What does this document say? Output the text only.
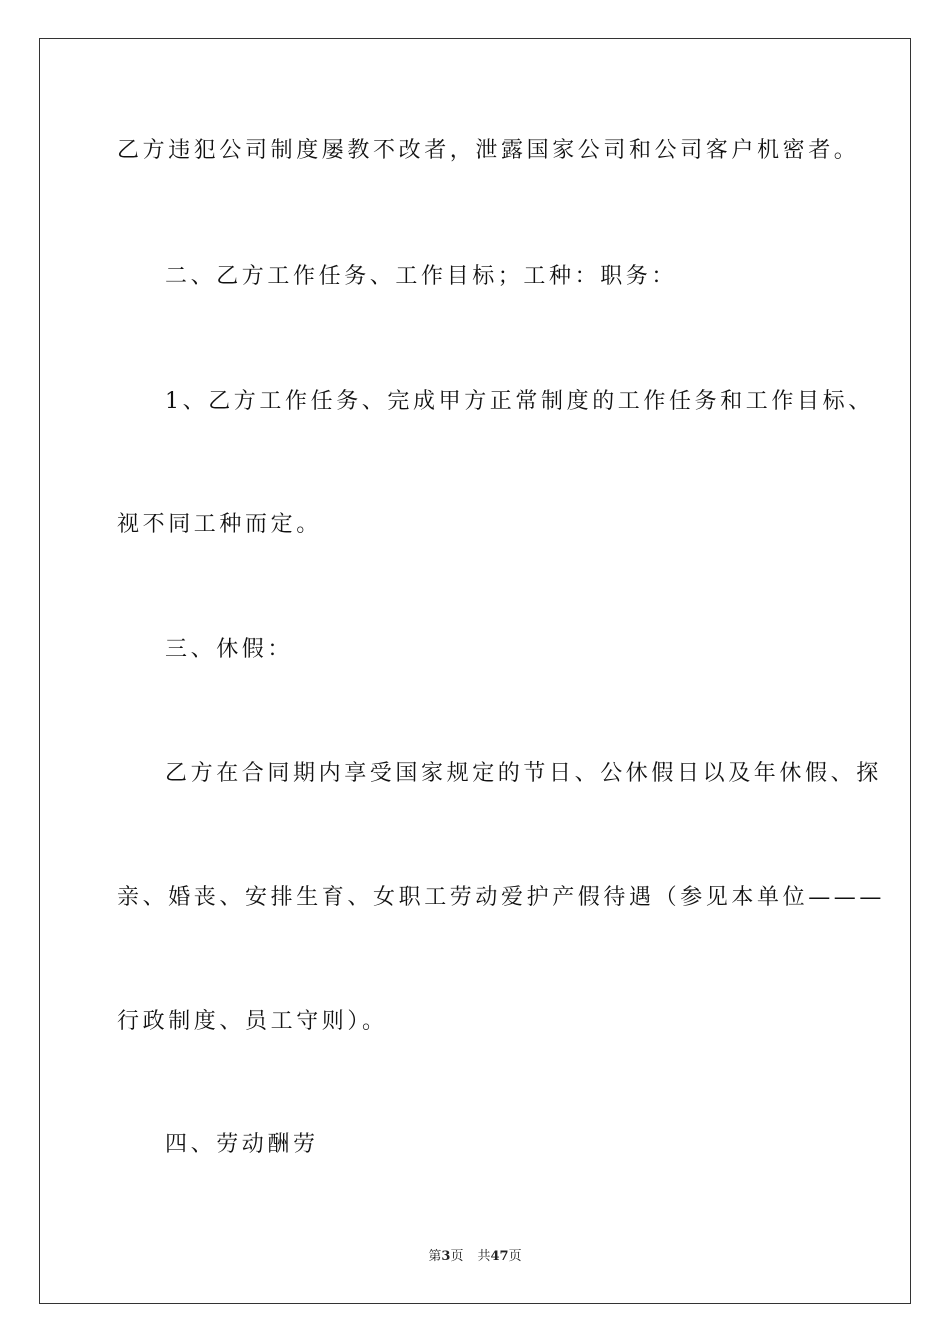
乙方违犯公司制度屡教不改者，泄露国家公司和公司客户机密者。
二、乙方工作任务、工作目标；工种：职务：
1、乙方工作任务、完成甲方正常制度的工作任务和工作目标、
视不同工种而定。
三、休假：
乙方在合同期内享受国家规定的节日、公休假日以及年休假、探
亲、婚丧、安排生育、女职工劳动爱护产假待遇（参见本单位———
行政制度、员工守则）。
四、劳动酬劳
第3页 共47页
